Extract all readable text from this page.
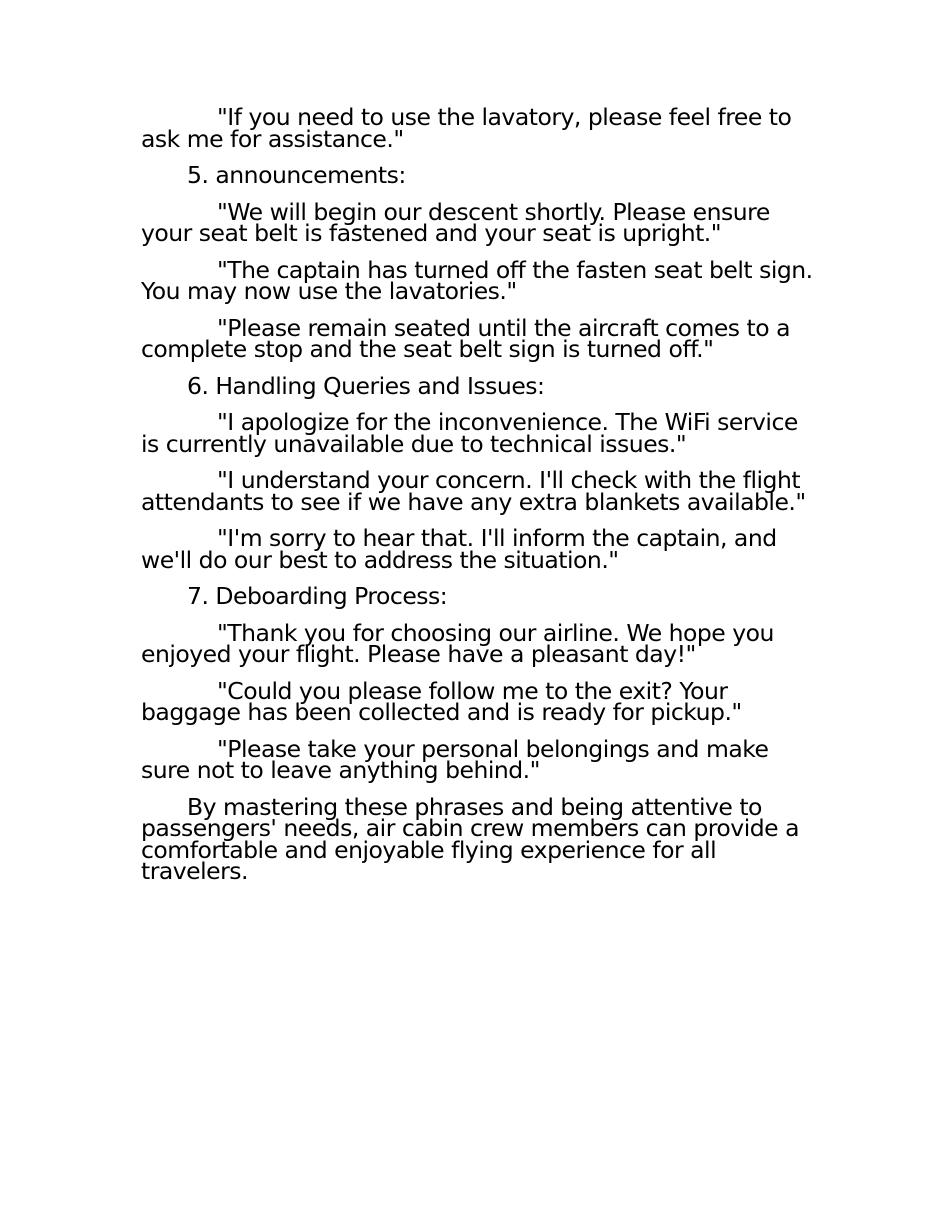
"If you need to use the lavatory, please feel free to ask me for assistance."

5. announcements:

"We will begin our descent shortly. Please ensure your seat belt is fastened and your seat is upright."

"The captain has turned off the fasten seat belt sign. You may now use the lavatories."

"Please remain seated until the aircraft comes to a complete stop and the seat belt sign is turned off."

6. Handling Queries and Issues:

"I apologize for the inconvenience. The WiFi service is currently unavailable due to technical issues."

"I understand your concern. I'll check with the flight attendants to see if we have any extra blankets available."

"I'm sorry to hear that. I'll inform the captain, and we'll do our best to address the situation."

7. Deboarding Process:

"Thank you for choosing our airline. We hope you enjoyed your flight. Please have a pleasant day!"

"Could you please follow me to the exit? Your baggage has been collected and is ready for pickup."

"Please take your personal belongings and make sure not to leave anything behind."

By mastering these phrases and being attentive to passengers' needs, air cabin crew members can provide a comfortable and enjoyable flying experience for all travelers.
